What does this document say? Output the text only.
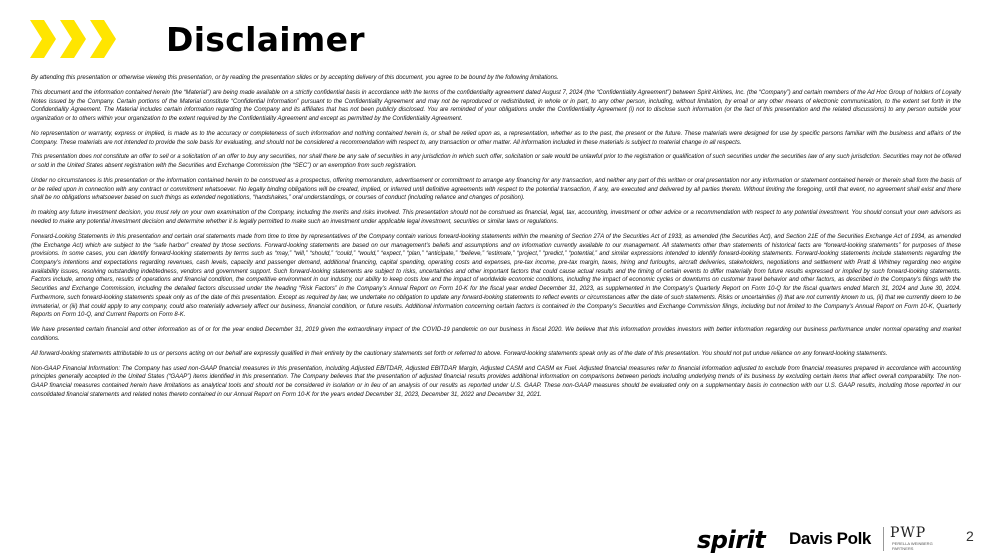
Disclaimer

By attending this presentation or otherwise viewing this presentation, or by reading the presentation slides or by accepting delivery of this document, you agree to be bound by the following limitations.

This document and the information contained herein (the “Material”) are being made available on a strictly confidential basis in accordance with the terms of the confidentiality agreement dated August 7, 2024 (the “Confidentiality Agreement”) between Spirit Airlines, Inc. (the “Company”) and certain members of the Ad Hoc Group of holders of Loyalty Notes issued by the Company. Certain portions of the Material constitute “Confidential Information” pursuant to the Confidentiality Agreement and may not be reproduced or redistributed, in whole or in part, to any other person, including, without limitation, by email or any other means of electronic communication, to the extent set forth in the Confidentiality Agreement. The Material includes certain information regarding the Company and its affiliates that has not been publicly disclosed. You are reminded of your obligations under the Confidentiality Agreement (i) not to disclose such information (or the fact of this presentation and the related discussions) to any person outside your organization or to others within your organization to the extent required by the Confidentiality Agreement and except as permitted by the Confidentiality Agreement.

No representation or warranty, express or implied, is made as to the accuracy or completeness of such information and nothing contained herein is, or shall be relied upon as, a representation, whether as to the past, the present or the future. These materials were designed for use by specific persons familiar with the business and affairs of the Company. These materials are not intended to provide the sole basis for evaluating, and should not be considered a recommendation with respect to, any transaction or other matter. All information included in these materials is subject to material change in all respects.

This presentation does not constitute an offer to sell or a solicitation of an offer to buy any securities, nor shall there be any sale of securities in any jurisdiction in which such offer, solicitation or sale would be unlawful prior to the registration or qualification of such securities under the securities law of any such jurisdiction. Securities may not be offered or sold in the United States absent registration with the Securities and Exchange Commission (the “SEC”) or an exemption from such registration.

Under no circumstances is this presentation or the information contained herein to be construed as a prospectus, offering memorandum, advertisement or commitment to arrange any financing for any transaction, and neither any part of this written or oral presentation nor any information or statement contained herein or therein shall form the basis of or be relied upon in connection with any contract or commitment whatsoever. No legally binding obligations will be created, implied, or inferred until definitive agreements with respect to the potential transaction, if any, are executed and delivered by all parties thereto. Without limiting the foregoing, until that event, no agreement shall exist and there shall be no obligations whatsoever based on such things as extended negotiations, “handshakes,” oral understandings, or courses of conduct (including reliance and changes of position).

In making any future investment decision, you must rely on your own examination of the Company, including the merits and risks involved. This presentation should not be construed as financial, legal, tax, accounting, investment or other advice or a recommendation with respect to any potential investment. You should consult your own advisors as needed to make any potential investment decision and determine whether it is legally permitted to make such an investment under applicable legal investment, securities or similar laws or regulations.

Forward-Looking Statements in this presentation and certain oral statements made from time to time by representatives of the Company contain various forward-looking statements within the meaning of Section 27A of the Securities Act of 1933, as amended (the Securities Act), and Section 21E of the Securities Exchange Act of 1934, as amended (the Exchange Act) which are subject to the “safe harbor” created by those sections. Forward-looking statements are based on our management’s beliefs and assumptions and on information currently available to our management. All statements other than statements of historical facts are “forward-looking statements” for purposes of these provisions. In some cases, you can identify forward-looking statements by terms such as “may,” “will,” “should,” “could,” “would,” “expect,” “plan,” “anticipate,” “believe,” “estimate,” “project,” “predict,” “potential,” and similar expressions intended to identify forward-looking statements. Forward-looking statements include statements regarding the Company’s intentions and expectations regarding revenues, cash levels, capacity and passenger demand, additional financing, capital spending, operating costs and expenses, pre-tax income, pre-tax margin, taxes, hiring and furloughs, aircraft deliveries, stakeholders, negotiations and settlement with Pratt & Whitney regarding neo engine availability issues, resolving outstanding indebtedness, vendors and government support. Such forward-looking statements are subject to risks, uncertainties and other important factors that could cause actual results and the timing of certain events to differ materially from future results expressed or implied by such forward-looking statements. Factors include, among others, results of operations and financial condition, the competitive environment in our industry, our ability to keep costs low and the impact of worldwide economic conditions, including the impact of economic cycles or downturns on customer travel behavior and other factors, as described in the Company’s filings with the Securities and Exchange Commission, including the detailed factors discussed under the heading “Risk Factors” in the Company’s Annual Report on Form 10-K for the fiscal year ended December 31, 2023, as supplemented in the Company’s Quarterly Report on Form 10-Q for the fiscal quarters ended March 31, 2024 and June 30, 2024. Furthermore, such forward-looking statements speak only as of the date of this presentation. Except as required by law, we undertake no obligation to update any forward-looking statements to reflect events or circumstances after the date of such statements. Risks or uncertainties (i) that are not currently known to us, (ii) that we currently deem to be immaterial, or (iii) that could apply to any company, could also materially adversely affect our business, financial condition, or future results. Additional information concerning certain factors is contained in the Company’s Securities and Exchange Commission filings, including but not limited to the Company’s Annual Report on Form 10-K, Quarterly Reports on Form 10-Q, and Current Reports on Form 8-K.

We have presented certain financial and other information as of or for the year ended December 31, 2019 given the extraordinary impact of the COVID-19 pandemic on our business in fiscal 2020. We believe that this information provides investors with better information regarding our business performance under normal operating and market conditions.

All forward-looking statements attributable to us or persons acting on our behalf are expressly qualified in their entirety by the cautionary statements set forth or referred to above. Forward-looking statements speak only as of the date of this presentation. You should not put undue reliance on any forward-looking statements.

Non-GAAP Financial Information: The Company has used non-GAAP financial measures in this presentation, including Adjusted EBITDAR, Adjusted EBITDAR Margin, Adjusted CASM and CASM ex Fuel. Adjusted financial measures refer to financial information adjusted to exclude from financial measures prepared in accordance with accounting principles generally accepted in the United States (“GAAP”) items identified in this presentation. The Company believes that the presentation of adjusted financial results provides additional information on comparisons between periods including underlying trends of its business by excluding certain items that affect overall comparability. The non-GAAP financial measures contained herein have limitations as analytical tools and should not be considered in isolation or in lieu of an analysis of our results as reported under U.S. GAAP. These non-GAAP measures should be evaluated only on a supplementary basis in connection with our U.S. GAAP results, including those reported in our consolidated financial statements and related notes thereto contained in our Annual Report on Form 10-K for the years ended December 31, 2023, December 31, 2022 and December 31, 2021.

spirit Davis Polk PWP
PERELLA WEINBERG PARTNERS
2
